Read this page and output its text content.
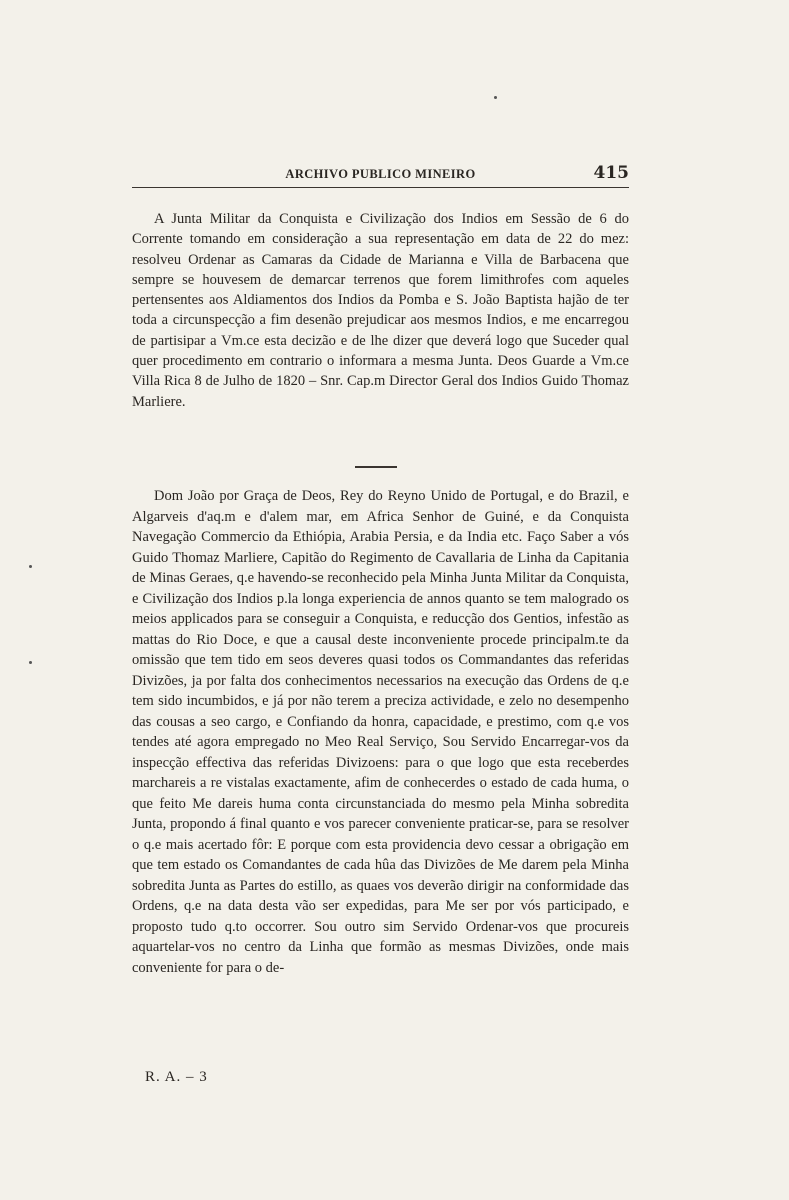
ARCHIVO PUBLICO MINEIRO	415

A Junta Militar da Conquista e Civilização dos Indios em Sessão de 6 do Corrente tomando em consideração a sua representação em data de 22 do mez: resolveu Ordenar as Camaras da Cidade de Marianna e Villa de Barbacena que sempre se houvesem de demarcar terrenos que forem limithrofes com aqueles pertensentes aos Aldiamentos dos Indios da Pomba e S. João Baptista hajão de ter toda a circunspecção a fim desenão prejudicar aos mesmos Indios, e me encarregou de partisipar a Vm.ce esta decizão e de lhe dizer que deverá logo que Suceder qual quer procedimento em contrario o informara a mesma Junta. Deos Guarde a Vm.ce Villa Rica 8 de Julho de 1820 – Snr. Cap.m Director Geral dos Indios Guido Thomaz Marliere.

Dom João por Graça de Deos, Rey do Reyno Unido de Portugal, e do Brazil, e Algarveis d'aq.m e d'alem mar, em Africa Senhor de Guiné, e da Conquista Navegação Commercio da Ethiópia, Arabia Persia, e da India etc. Faço Saber a vós Guido Thomaz Marliere, Capitão do Regimento de Cavallaria de Linha da Capitania de Minas Geraes, q.e havendo-se reconhecido pela Minha Junta Militar da Conquista, e Civilização dos Indios p.la longa experiencia de annos quanto se tem malogrado os meios applicados para se conseguir a Conquista, e reducção dos Gentios, infestão as mattas do Rio Doce, e que a causal deste inconveniente procede principalm.te da omissão que tem tido em seos deveres quasi todos os Commandantes das referidas Divizões, ja por falta dos conhecimentos necessarios na execução das Ordens de q.e tem sido incumbidos, e já por não terem a preciza actividade, e zelo no desempenho das cousas a seo cargo, e Confiando da honra, capacidade, e prestimo, com q.e vos tendes até agora empregado no Meo Real Serviço, Sou Servido Encarregar-vos da inspecção effectiva das referidas Divizoens: para o que logo que esta receberdes marchareis a re vistalas exactamente, afim de conhecerdes o estado de cada huma, o que feito Me dareis huma conta circunstanciada do mesmo pela Minha sobredita Junta, propondo á final quanto e vos parecer conveniente praticar-se, para se resolver o q.e mais acertado fôr: E porque com esta providencia devo cessar a obrigação em que tem estado os Comandantes de cada hûa das Divizões de Me darem pela Minha sobredita Junta as Partes do estillo, as quaes vos deverão dirigir na conformidade das Ordens, q.e na data desta vão ser expedidas, para Me ser por vós participado, e proposto tudo q.to occorrer. Sou outro sim Servido Ordenar-vos que procureis aquartelar-vos no centro da Linha que formão as mesmas Divizões, onde mais conveniente for para o de-

R. A. – 3
